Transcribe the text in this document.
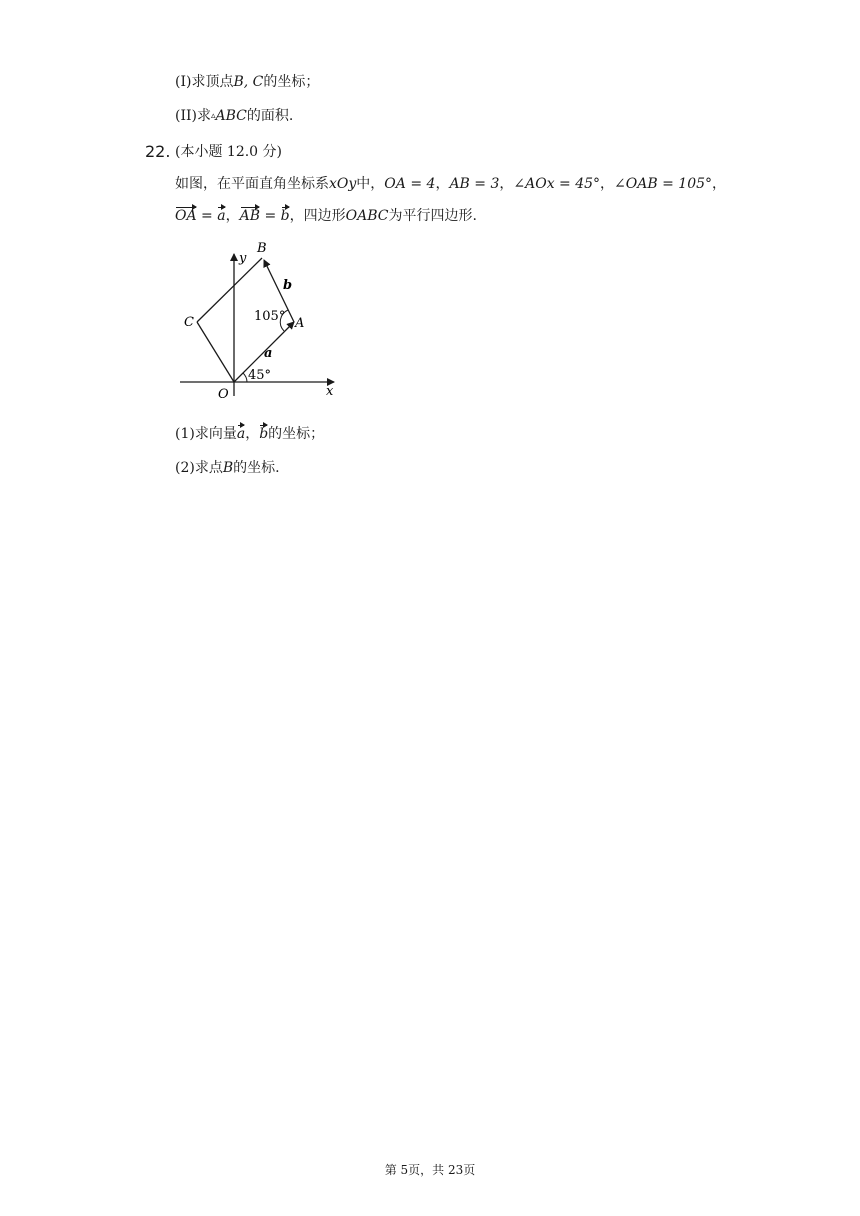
(I)求顶点B, C的坐标；
(II)求▵ABC的面积.
22. (本小题 12.0 分)
如图，在平面直角坐标系xOy中，OA = 4，AB = 3，∠AOx = 45°，∠OAB = 105°，
OA = a，AB = b，四边形OABC为平行四边形.
B
y
b
C	105° A
a
45°
O	x
(1)求向量a，b的坐标；
(2)求点B的坐标.
第 5页，共 23页
